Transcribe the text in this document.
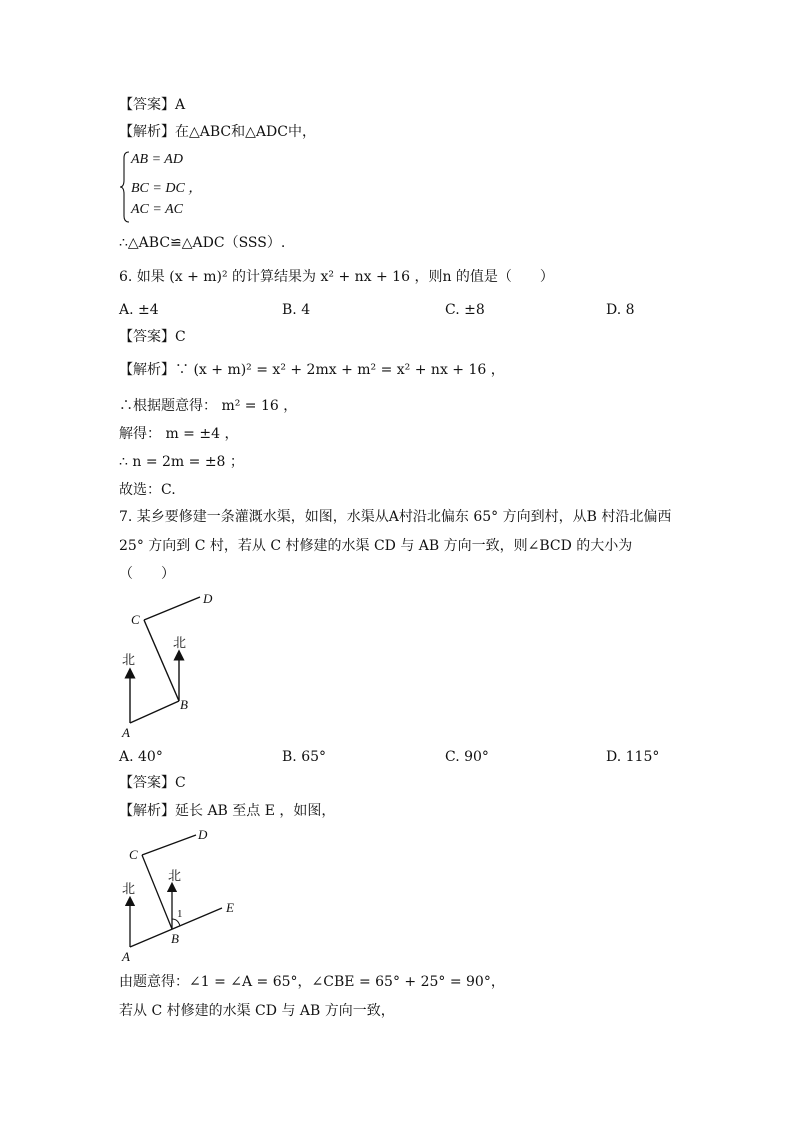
【答案】A
【解析】在△ABC和△ADC中，
AB = AD
BC = DC ，
AC = AC
∴△ABC≌△ADC（SSS）.
6. 如果 (x + m)² 的计算结果为 x² + nx + 16 ，则n 的值是（　　）
A. ±4	B. 4	C. ±8	D. 8
【答案】C
【解析】∵ (x + m)² = x² + 2mx + m² = x² + nx + 16 ，
∴根据题意得： m² = 16 ，
解得： m = ±4 ，
∴ n = 2m = ±8 ；
故选：C.
7. 某乡要修建一条灌溉水渠，如图，水渠从A村沿北偏东 65° 方向到村，从B 村沿北偏西
25° 方向到 C 村，若从 C 村修建的水渠 CD 与 AB 方向一致，则∠BCD 的大小为
（　　）
A
B
C
D
北
北
A. 40°	B. 65°	C. 90°	D. 115°
【答案】C
【解析】延长 AB 至点 E ，如图，
1
A
B
C
D
E
北
北
由题意得：∠1 = ∠A = 65°，∠CBE = 65° + 25° = 90°，
若从 C 村修建的水渠 CD 与 AB 方向一致，
